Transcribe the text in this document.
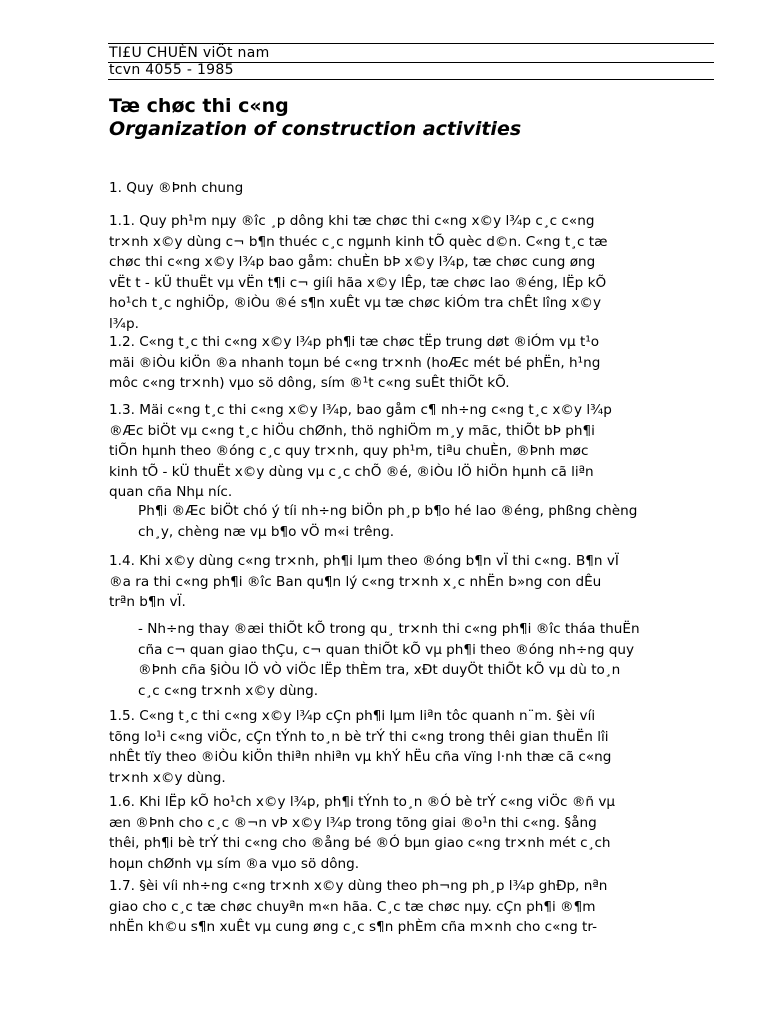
TI£U CHUÈN viÖt nam
tcvn 4055 - 1985
Tæ chøc thi c«ng
Organization of construction activities
1. Quy ®Þnh chung
1.1. Quy ph¹m nµy ®îc ¸p dông khi tæ chøc thi c«ng x©y l¾p c¸c c«ng
tr×nh x©y dùng c¬ b¶n thuéc c¸c ngµnh kinh tÕ quèc d©n. C«ng t¸c tæ
chøc thi c«ng x©y l¾p bao gåm: chuÈn bÞ x©y l¾p, tæ chøc cung øng
vËt t - kÜ thuËt vµ vËn t¶i c¬ giíi hãa x©y lÊp, tæ chøc lao ®éng, lËp kÕ
ho¹ch t¸c nghiÖp, ®iÒu ®é s¶n xuÊt vµ tæ chøc kiÓm tra chÊt lîng x©y
l¾p.
1.2. C«ng t¸c thi c«ng x©y l¾p ph¶i tæ chøc tËp trung døt ®iÓm vµ t¹o
mäi ®iÒu kiÖn ®a nhanh toµn bé c«ng tr×nh (hoÆc mét bé phËn, h¹ng
môc c«ng tr×nh) vµo sö dông, sím ®¹t c«ng suÊt thiÕt kÕ.
1.3. Mäi c«ng t¸c thi c«ng x©y l¾p, bao gåm c¶ nh÷ng c«ng t¸c x©y l¾p
®Æc biÖt vµ c«ng t¸c hiÖu chØnh, thö nghiÖm m¸y mãc, thiÕt bÞ ph¶i
tiÕn hµnh theo ®óng c¸c quy tr×nh, quy ph¹m, tiªu chuÈn, ®Þnh møc
kinh tÕ - kÜ thuËt x©y dùng vµ c¸c chÕ ®é, ®iÒu lÖ hiÖn hµnh cã liªn
quan cña Nhµ níc.
Ph¶i ®Æc biÖt chó ý tíi nh÷ng biÖn ph¸p b¶o hé lao ®éng, phßng chèng
ch¸y, chèng næ vµ b¶o vÖ m«i trêng.
1.4. Khi x©y dùng c«ng tr×nh, ph¶i lµm theo ®óng b¶n vÏ thi c«ng. B¶n vÏ
®a ra thi c«ng ph¶i ®îc Ban qu¶n lý c«ng tr×nh x¸c nhËn b»ng con dÊu
trªn b¶n vÏ.
- Nh÷ng thay ®æi thiÕt kÕ trong qu¸ tr×nh thi c«ng ph¶i ®îc tháa thuËn
cña c¬ quan giao thÇu, c¬ quan thiÕt kÕ vµ ph¶i theo ®óng nh÷ng quy
®Þnh cña §iÒu lÖ vÒ viÖc lËp thÈm tra, xÐt duyÖt thiÕt kÕ vµ dù to¸n
c¸c c«ng tr×nh x©y dùng.
1.5. C«ng t¸c thi c«ng x©y l¾p cÇn ph¶i lµm liªn tôc quanh n¨m. §èi víi
tõng lo¹i c«ng viÖc, cÇn tÝnh to¸n bè trÝ thi c«ng trong thêi gian thuËn lîi
nhÊt tïy theo ®iÒu kiÖn thiªn nhiªn vµ khÝ hËu cña vïng l·nh thæ cã c«ng
tr×nh x©y dùng.
1.6. Khi lËp kÕ ho¹ch x©y l¾p, ph¶i tÝnh to¸n ®Ó bè trÝ c«ng viÖc ®ñ vµ
æn ®Þnh cho c¸c ®¬n vÞ x©y l¾p trong tõng giai ®o¹n thi c«ng. §ång
thêi, ph¶i bè trÝ thi c«ng cho ®ång bé ®Ó bµn giao c«ng tr×nh mét c¸ch
hoµn chØnh vµ sím ®a vµo sö dông.
1.7. §èi víi nh÷ng c«ng tr×nh x©y dùng theo ph¬ng ph¸p l¾p ghÐp, nªn
giao cho c¸c tæ chøc chuyªn m«n hãa. C¸c tæ chøc nµy. cÇn ph¶i ®¶m
nhËn kh©u s¶n xuÊt vµ cung øng c¸c s¶n phÈm cña m×nh cho c«ng tr-
